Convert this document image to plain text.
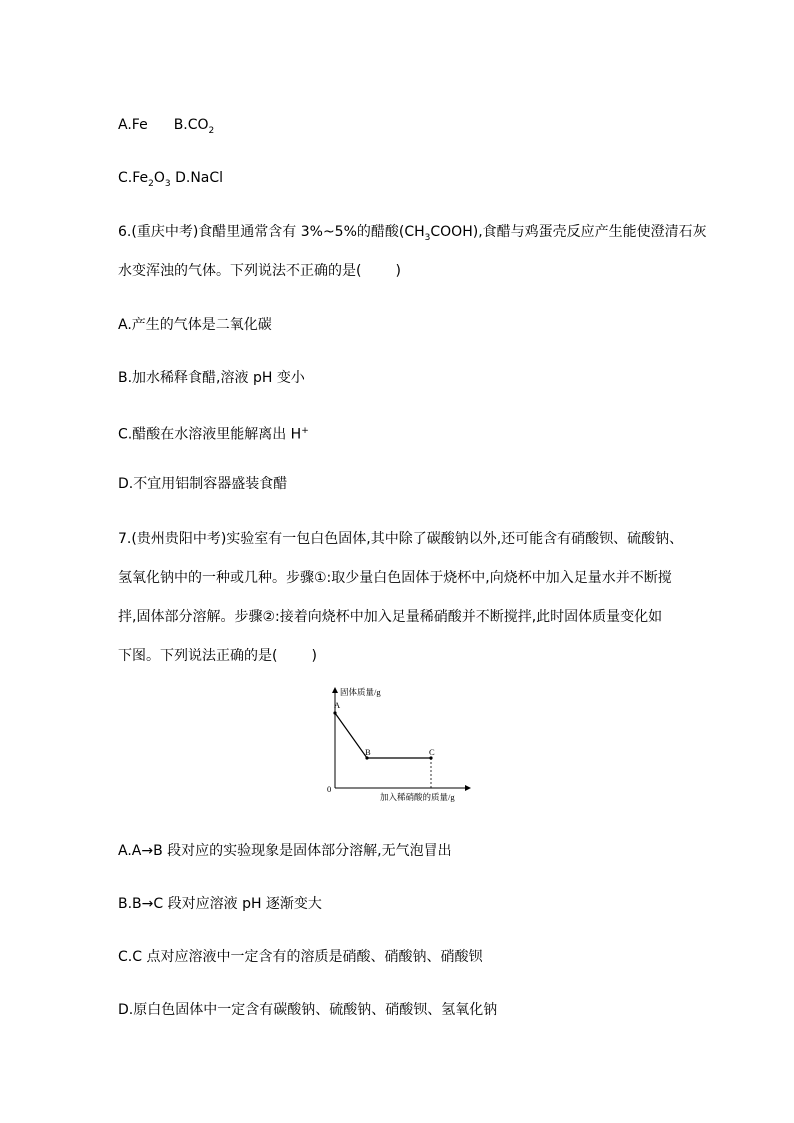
A.Fe $B.CO_2$
$C.Fe_2O_3$ D.NaCl
6.(重庆中考)食醋里通常含有 3%~5%的醋酸$(CH_3COOH)$,食醋与鸡蛋壳反应产生能使澄清石灰
水变浑浊的气体。下列说法不正确的是( )
A.产生的气体是二氧化碳
B.加水稀释食醋,溶液 pH 变小
C.醋酸在水溶液里能解离出 H+
D.不宜用铝制容器盛装食醋
7.(贵州贵阳中考)实验室有一包白色固体,其中除了碳酸钠以外,还可能含有硝酸钡、硫酸钠、
氢氧化钠中的一种或几种。步骤①:取少量白色固体于烧杯中,向烧杯中加入足量水并不断搅
拌,固体部分溶解。步骤②:接着向烧杯中加入足量稀硝酸并不断搅拌,此时固体质量变化如
下图。下列说法正确的是( )
固体质量/g
加入稀硝酸的质量/g
0
A
B	C
A.A→B 段对应的实验现象是固体部分溶解,无气泡冒出
B.B→C 段对应溶液 pH 逐渐变大
C.C 点对应溶液中一定含有的溶质是硝酸、硝酸钠、硝酸钡
D.原白色固体中一定含有碳酸钠、硫酸钠、硝酸钡、氢氧化钠
